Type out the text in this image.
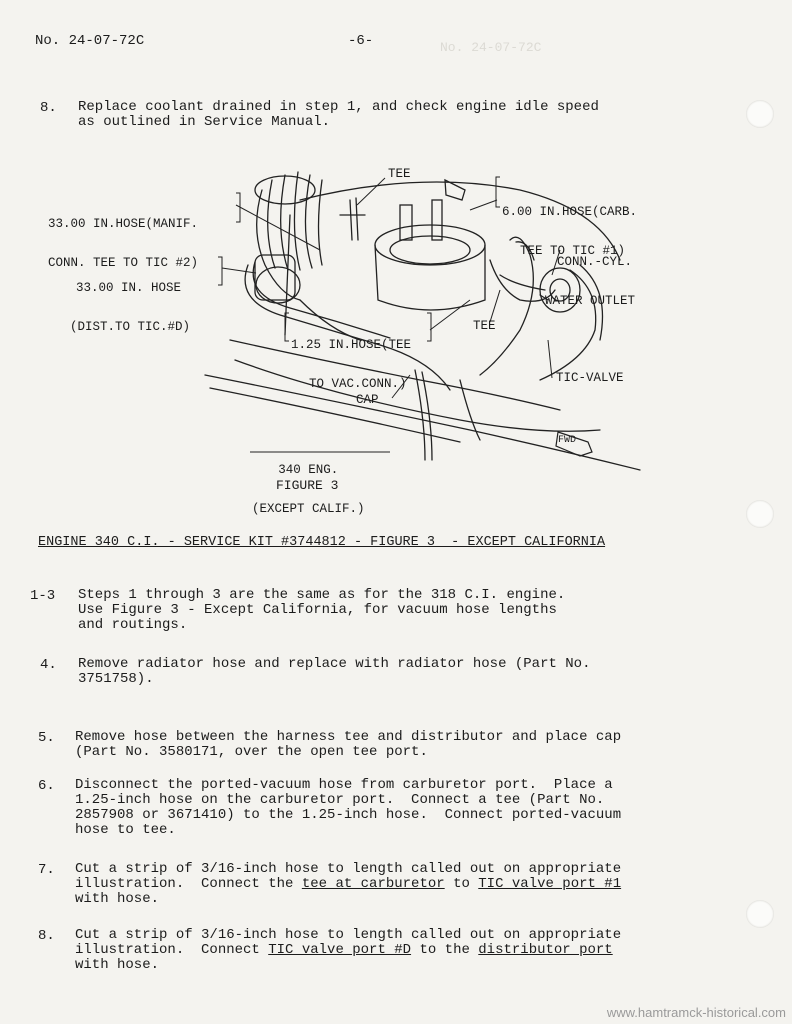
No. 24-07-72C
No. 24-07-72C	-6-
8. Replace coolant drained in step 1, and check engine idle speed
as outlined in Service Manual.

33.00 IN.HOSE(MANIF.

CONN. TEE TO TIC #2)

33.00 IN. HOSE

(DIST.TO TIC.#D)

TEE

6.00 IN.HOSE(CARB.

TEE TO TIC #1)

CONN.-CYL.

WATER OUTLET

1.25 IN.HOSE(TEE

TO VAC.CONN.)

TEE
TIC-VALVE
CAP
FWD

340 ENG.

(EXCEPT CALIF.)

FIGURE 3
ENGINE 340 C.I. - SERVICE KIT #3744812 - FIGURE 3  - EXCEPT CALIFORNIA
1-3 Steps 1 through 3 are the same as for the 318 C.I. engine.
Use Figure 3 - Except California, for vacuum hose lengths
and routings.
4. Remove radiator hose and replace with radiator hose (Part No.
3751758).
5. Remove hose between the harness tee and distributor and place cap
(Part No. 3580171, over the open tee port.
6. Disconnect the ported-vacuum hose from carburetor port.  Place a
1.25-inch hose on the carburetor port.  Connect a tee (Part No.
2857908 or 3671410) to the 1.25-inch hose.  Connect ported-vacuum
hose to tee.
7. Cut a strip of 3/16-inch hose to length called out on appropriate
illustration.  Connect the tee at carburetor to TIC valve port #1
with hose.
8. Cut a strip of 3/16-inch hose to length called out on appropriate
illustration.  Connect TIC valve port #D to the distributor port
with hose.
www.hamtramck-historical.com
